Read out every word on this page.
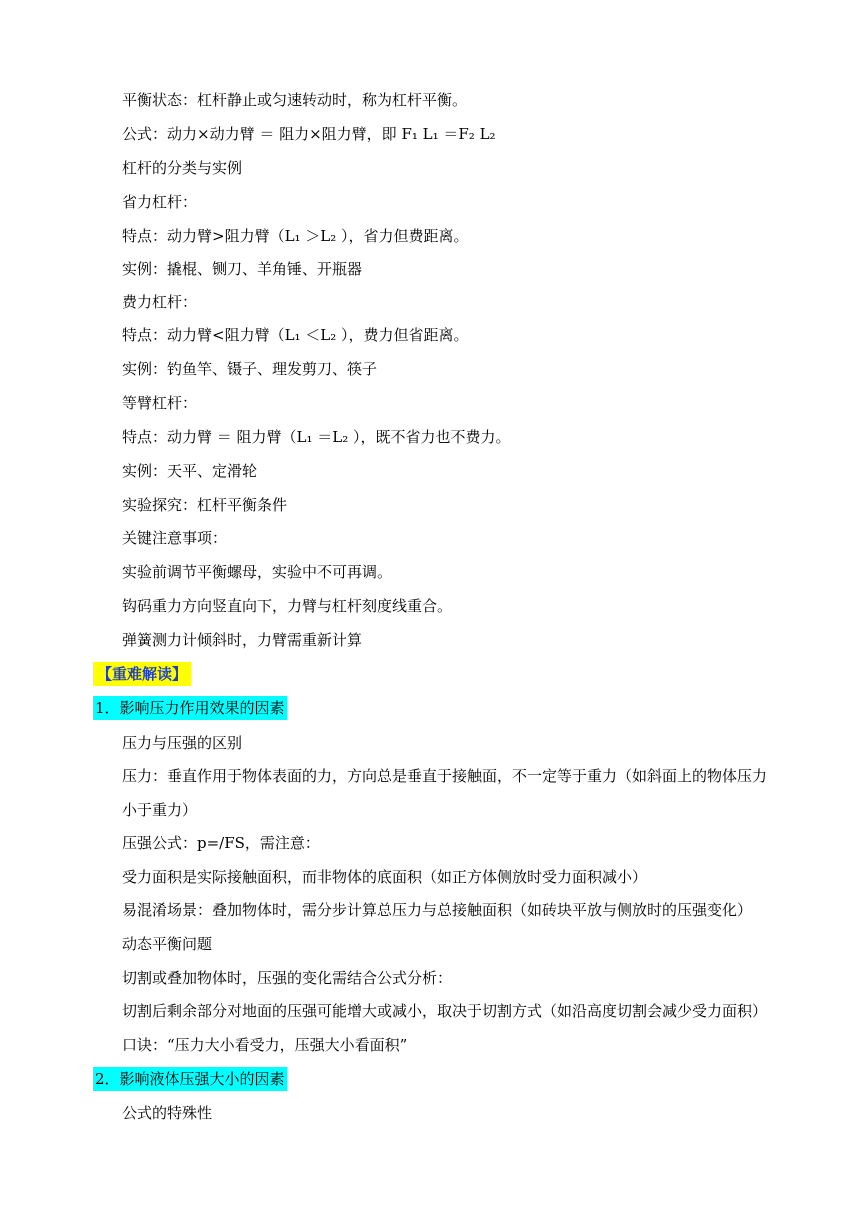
平衡状态：杠杆静止或匀速转动时，称为杠杆平衡。
公式：动力×动力臂 ＝ 阻力×阻力臂，即 F₁ L₁ ＝F₂ L₂
杠杆的分类与实例
省力杠杆：
特点：动力臂>阻力臂（L₁ ＞L₂ ），省力但费距离。
实例：撬棍、铡刀、羊角锤、开瓶器
费力杠杆：
特点：动力臂<阻力臂（L₁ ＜L₂ ），费力但省距离。
实例：钓鱼竿、镊子、理发剪刀、筷子
等臂杠杆：
特点：动力臂 ＝ 阻力臂（L₁ ＝L₂ ），既不省力也不费力。
实例：天平、定滑轮
实验探究：杠杆平衡条件
关键注意事项：
实验前调节平衡螺母，实验中不可再调。
钩码重力方向竖直向下，力臂与杠杆刻度线重合。
弹簧测力计倾斜时，力臂需重新计算
【重难解读】
1．影响压力作用效果的因素
压力与压强的区别
压力：垂直作用于物体表面的力，方向总是垂直于接触面，不一定等于重力（如斜面上的物体压力小于重力）
压强公式：p=/FS，需注意：
受力面积是实际接触面积，而非物体的底面积（如正方体侧放时受力面积减小）
易混淆场景：叠加物体时，需分步计算总压力与总接触面积（如砖块平放与侧放时的压强变化）
动态平衡问题
切割或叠加物体时，压强的变化需结合公式分析：
切割后剩余部分对地面的压强可能增大或减小，取决于切割方式（如沿高度切割会减少受力面积）
口诀：“压力大小看受力，压强大小看面积”
2．影响液体压强大小的因素
公式的特殊性
